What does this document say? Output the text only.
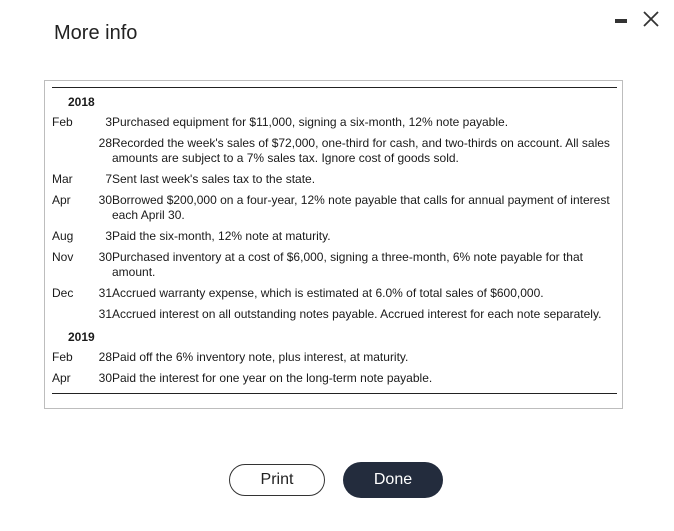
More info

2018		
Feb	3	Purchased equipment for $11,000, signing a six-month, 12% note payable.
	28	Recorded the week's sales of $72,000, one-third for cash, and two-thirds on account. All sales amounts are subject to a 7% sales tax. Ignore cost of goods sold.
Mar	7	Sent last week's sales tax to the state.
Apr	30	Borrowed $200,000 on a four-year, 12% note payable that calls for annual payment of interest each April 30.
Aug	3	Paid the six-month, 12% note at maturity.
Nov	30	Purchased inventory at a cost of $6,000, signing a three-month, 6% note payable for that amount.
Dec	31	Accrued warranty expense, which is estimated at 6.0% of total sales of $600,000.
	31	Accrued interest on all outstanding notes payable. Accrued interest for each note separately.
2019		
Feb	28	Paid off the 6% inventory note, plus interest, at maturity.
Apr	30	Paid the interest for one year on the long-term note payable.

Print	Done
